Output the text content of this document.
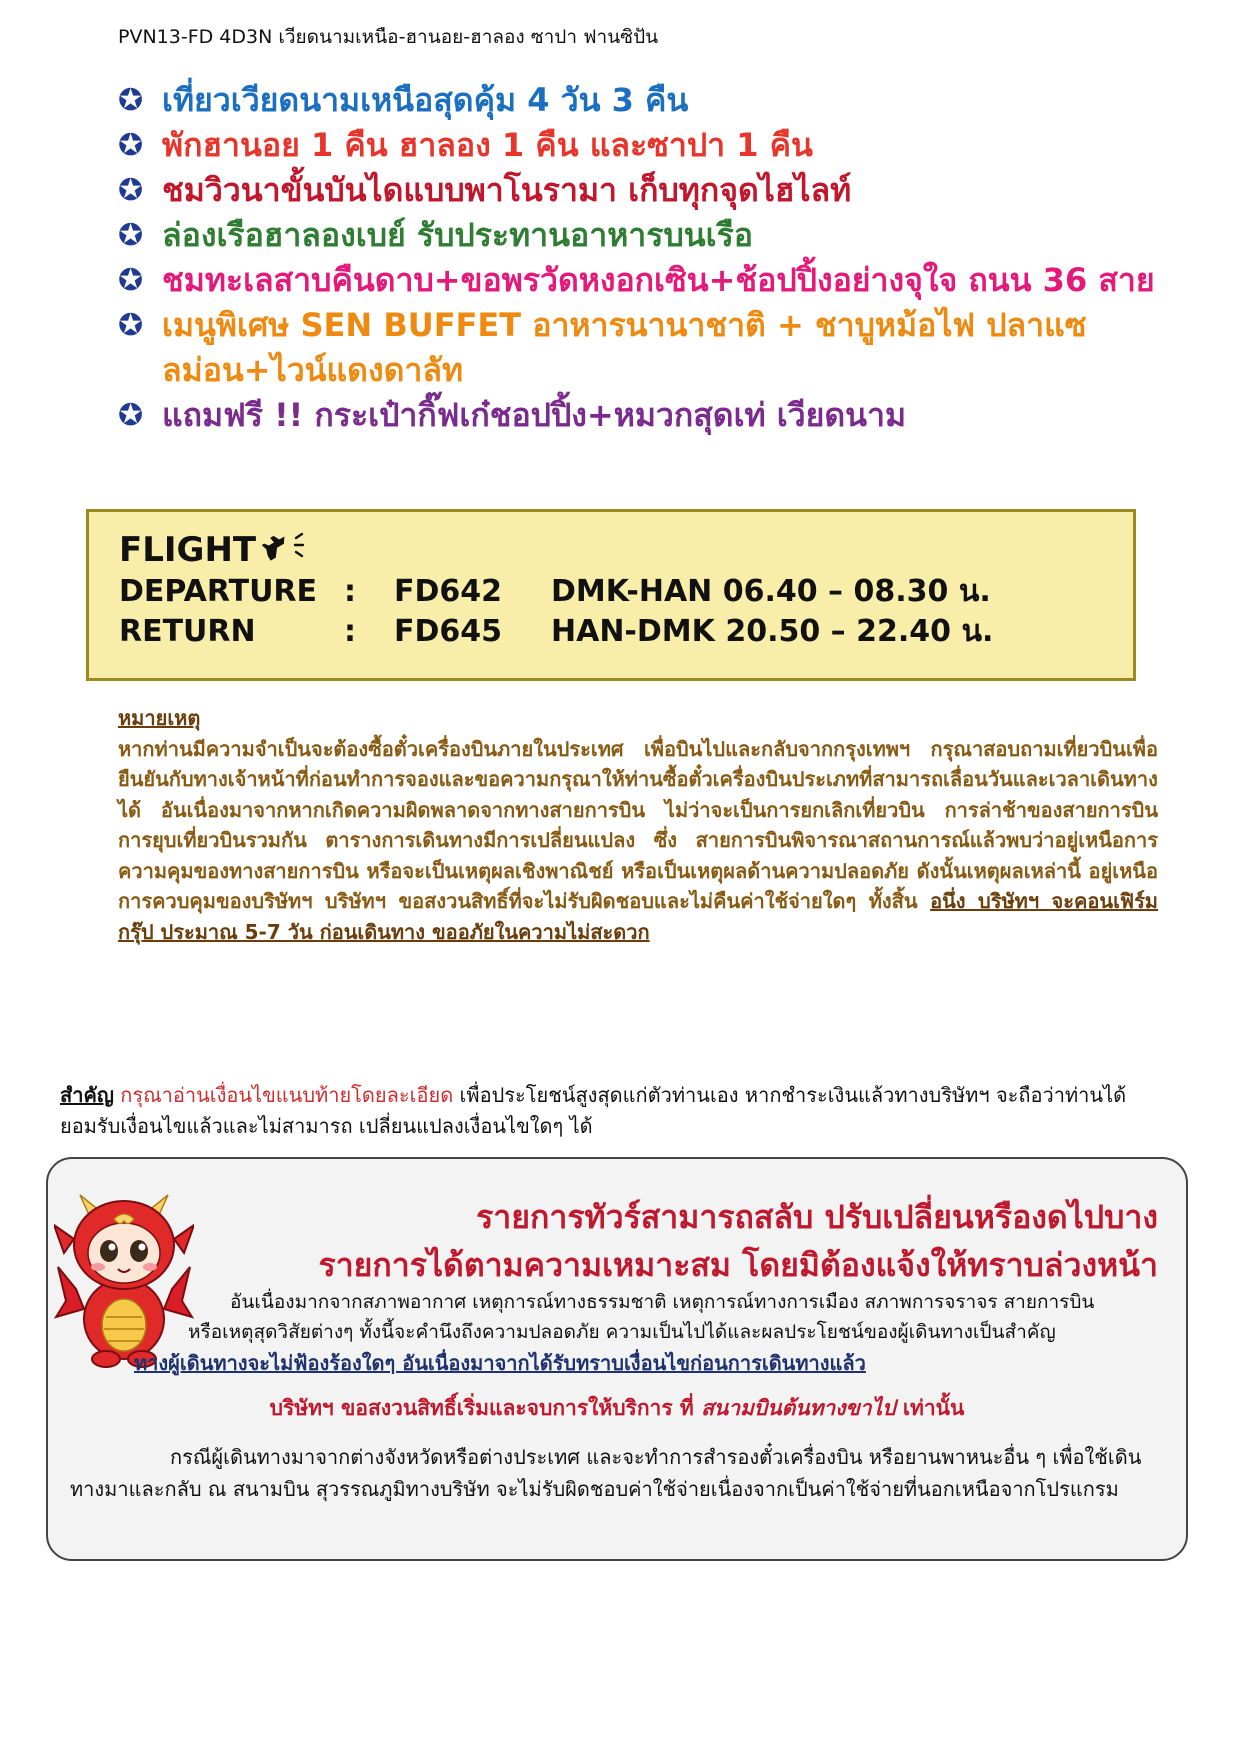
PVN13-FD 4D3N เวียดนามเหนือ-ฮานอย-ฮาลอง ซาปา ฟานซิปัน
✪ เที่ยวเวียดนามเหนือสุดคุ้ม 4 วัน 3 คืน
✪ พักฮานอย 1 คืน ฮาลอง 1 คืน และซาปา 1 คืน
✪ ชมวิวนาขั้นบันไดแบบพาโนรามา เก็บทุกจุดไฮไลท์
✪ ล่องเรือฮาลองเบย์ รับประทานอาหารบนเรือ
✪ ชมทะเลสาบคืนดาบ+ขอพรวัดหงอกเซิน+ช้อปปิ้งอย่างจุใจ ถนน 36 สาย
✪ เมนูพิเศษ SEN BUFFET อาหารนานาชาติ + ชาบูหม้อไฟ ปลาแซลม่อน+ไวน์แดงดาลัท
✪ แถมฟรี !! กระเป๋ากิ๊ฟเก๋ชอปปิ้ง+หมวกสุดเท่ เวียดนาม
FLIGHT
DEPARTURE :	FD642	DMK-HAN 06.40 – 08.30 น.
RETURN	:	FD645	HAN-DMK 20.50 – 22.40 น.
หมายเหตุ
หากท่านมีความจำเป็นจะต้องซื้อตั๋วเครื่องบินภายในประเทศ เพื่อบินไปและกลับจากกรุงเทพฯ กรุณาสอบถามเที่ยวบินเพื่อยืนยันกับทางเจ้าหน้าที่ก่อนทำการจองและขอความกรุณาให้ท่านซื้อตั๋วเครื่องบินประเภทที่สามารถเลื่อนวันและเวลาเดินทางได้ อันเนื่องมาจากหากเกิดความผิดพลาดจากทางสายการบิน ไม่ว่าจะเป็นการยกเลิกเที่ยวบิน การล่าช้าของสายการบิน การยุบเที่ยวบินรวมกัน ตารางการเดินทางมีการเปลี่ยนแปลง ซึ่ง สายการบินพิจารณาสถานการณ์แล้วพบว่าอยู่เหนือการความคุมของทางสายการบิน หรือจะเป็นเหตุผลเชิงพาณิชย์ หรือเป็นเหตุผลด้านความปลอดภัย ดังนั้นเหตุผลเหล่านี้ อยู่เหนือการควบคุมของบริษัทฯ บริษัทฯ ขอสงวนสิทธิ์ที่จะไม่รับผิดชอบและไม่คืนค่าใช้จ่ายใดๆ ทั้งสิ้น อนึ่ง บริษัทฯ จะคอนเฟิร์มกรุ๊ป ประมาณ 5-7 วัน ก่อนเดินทาง ขออภัยในความไม่สะดวก
สำคัญ กรุณาอ่านเงื่อนไขแนบท้ายโดยละเอียด เพื่อประโยชน์สูงสุดแก่ตัวท่านเอง หากชำระเงินแล้วทางบริษัทฯ จะถือว่าท่านได้ยอมรับเงื่อนไขแล้วและไม่สามารถ เปลี่ยนแปลงเงื่อนไขใดๆ ได้
รายการทัวร์สามารถสลับ ปรับเปลี่ยนหรืองดไปบาง
รายการได้ตามความเหมาะสม โดยมิต้องแจ้งให้ทราบล่วงหน้า
อันเนื่องมากจากสภาพอากาศ เหตุการณ์ทางธรรมชาติ เหตุการณ์ทางการเมือง สภาพการจราจร สายการบิน
หรือเหตุสุดวิสัยต่างๆ ทั้งนี้จะคำนึงถึงความปลอดภัย ความเป็นไปได้และผลประโยชน์ของผู้เดินทางเป็นสำคัญ
ทางผู้เดินทางจะไม่ฟ้องร้องใดๆ อันเนื่องมาจากได้รับทราบเงื่อนไขก่อนการเดินทางแล้ว
บริษัทฯ ขอสงวนสิทธิ์เริ่มและจบการให้บริการ ที่ สนามบินต้นทางขาไป เท่านั้น
กรณีผู้เดินทางมาจากต่างจังหวัดหรือต่างประเทศ และจะทำการสำรองตั๋วเครื่องบิน หรือยานพาหนะอื่น ๆ เพื่อใช้เดินทางมาและกลับ ณ สนามบิน สุวรรณภูมิทางบริษัท จะไม่รับผิดชอบค่าใช้จ่ายเนื่องจากเป็นค่าใช้จ่ายที่นอกเหนือจากโปรแกรม
